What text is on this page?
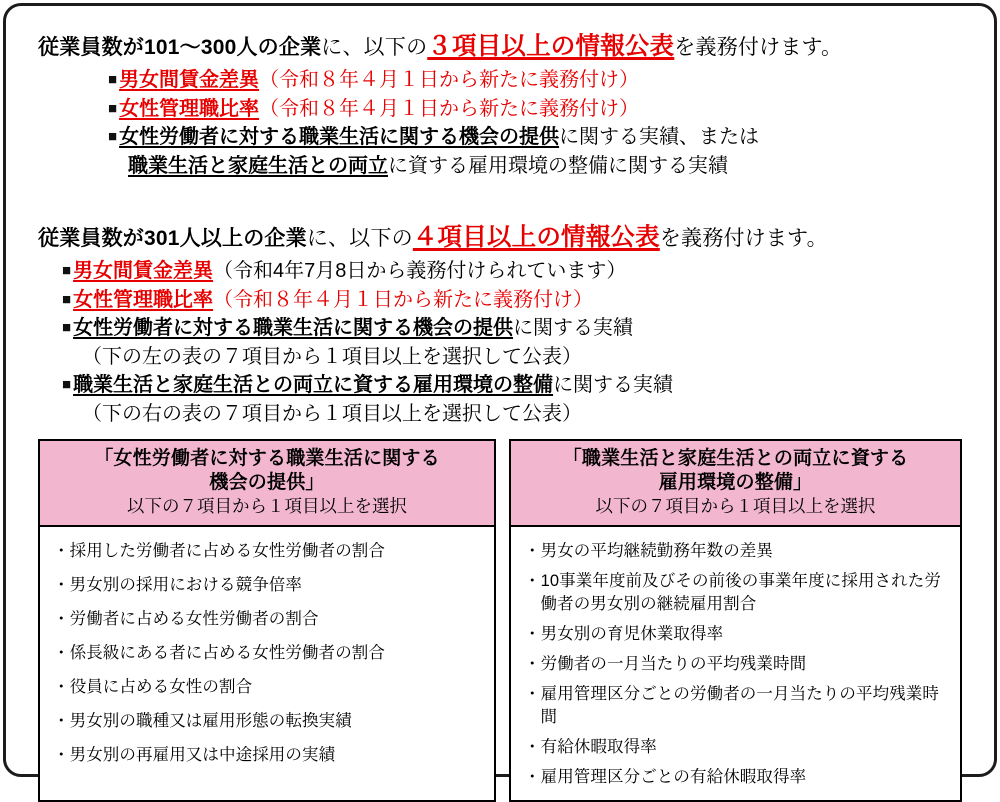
従業員数が101～300人の企業に、以下の３項目以上の情報公表を義務付けます。

■ 男女間賃金差異（令和８年４月１日から新たに義務付け）

■ 女性管理職比率（令和８年４月１日から新たに義務付け）

■ 女性労働者に対する職業生活に関する機会の提供に関する実績、または

職業生活と家庭生活との両立に資する雇用環境の整備に関する実績

従業員数が301人以上の企業に、以下の４項目以上の情報公表を義務付けます。

■ 男女間賃金差異（令和4年7月8日から義務付けられています）

■ 女性管理職比率（令和８年４月１日から新たに義務付け）

■ 女性労働者に対する職業生活に関する機会の提供に関する実績

（下の左の表の７項目から１項目以上を選択して公表）

■ 職業生活と家庭生活との両立に資する雇用環境の整備に関する実績

（下の右の表の７項目から１項目以上を選択して公表）

「女性労働者に対する職業生活に関する

機会の提供」

以下の７項目から１項目以上を選択

・採用した労働者に占める女性労働者の割合

・男女別の採用における競争倍率

・労働者に占める女性労働者の割合

・係長級にある者に占める女性労働者の割合

・役員に占める女性の割合

・男女別の職種又は雇用形態の転換実績

・男女別の再雇用又は中途採用の実績

「職業生活と家庭生活との両立に資する

雇用環境の整備」

以下の７項目から１項目以上を選択

・男女の平均継続勤務年数の差異

・10事業年度前及びその前後の事業年度に採用された労働者の男女別の継続雇用割合

・男女別の育児休業取得率

・労働者の一月当たりの平均残業時間

・雇用管理区分ごとの労働者の一月当たりの平均残業時間

・有給休暇取得率

・雇用管理区分ごとの有給休暇取得率
